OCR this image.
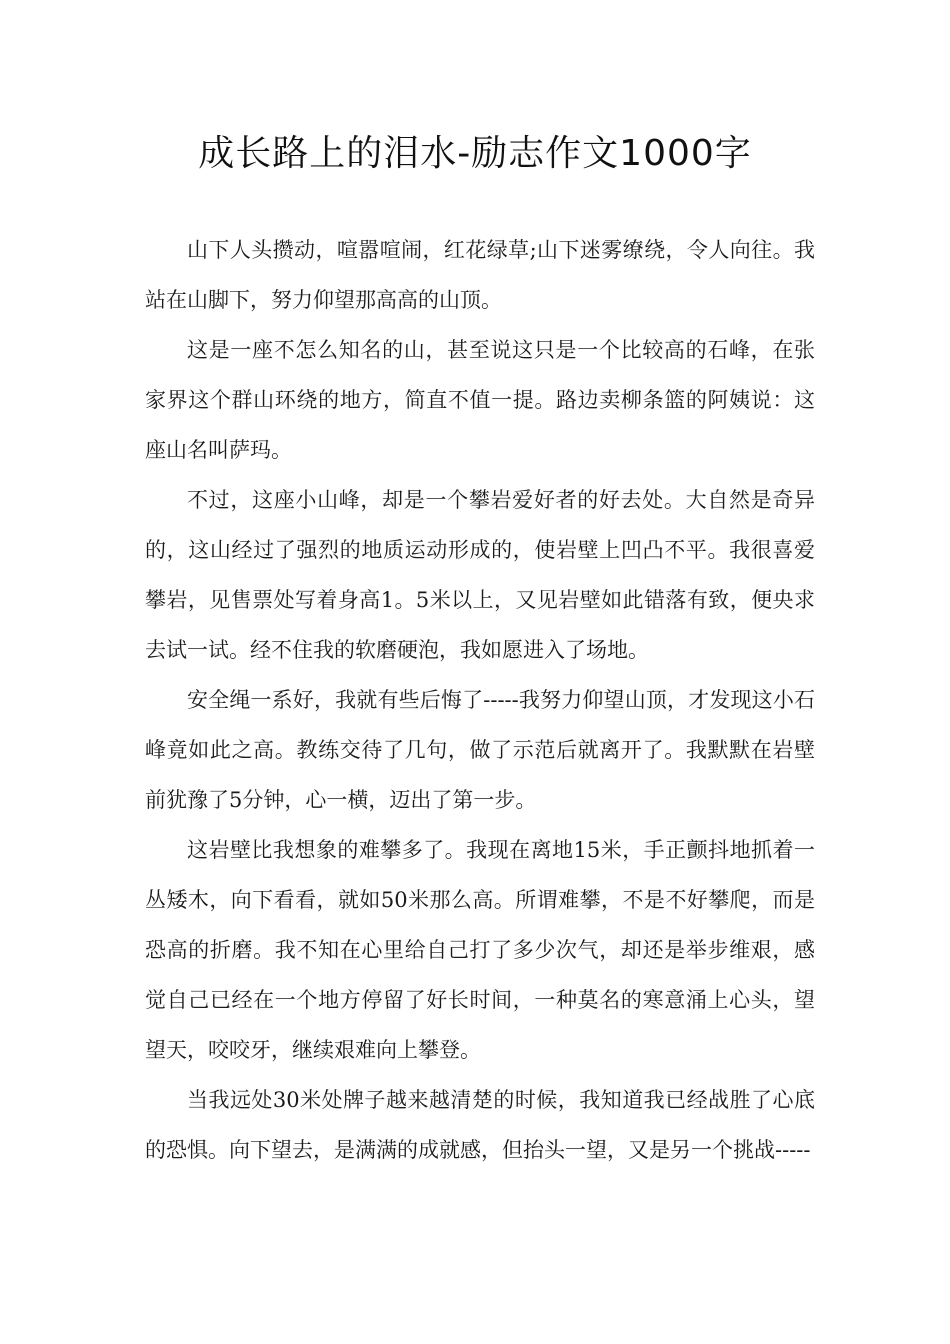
成长路上的泪水-励志作文1000字

山下人头攒动，喧嚣喧闹，红花绿草;山下迷雾缭绕，令人向往。我站在山脚下，努力仰望那高高的山顶。

这是一座不怎么知名的山，甚至说这只是一个比较高的石峰，在张家界这个群山环绕的地方，简直不值一提。路边卖柳条篮的阿姨说：这座山名叫萨玛。

不过，这座小山峰，却是一个攀岩爱好者的好去处。大自然是奇异的，这山经过了强烈的地质运动形成的，使岩壁上凹凸不平。我很喜爱攀岩，见售票处写着身高1。5米以上，又见岩壁如此错落有致，便央求去试一试。经不住我的软磨硬泡，我如愿进入了场地。

安全绳一系好，我就有些后悔了-----我努力仰望山顶，才发现这小石峰竟如此之高。教练交待了几句，做了示范后就离开了。我默默在岩壁前犹豫了5分钟，心一横，迈出了第一步。

这岩壁比我想象的难攀多了。我现在离地15米，手正颤抖地抓着一丛矮木，向下看看，就如50米那么高。所谓难攀，不是不好攀爬，而是恐高的折磨。我不知在心里给自己打了多少次气，却还是举步维艰，感觉自己已经在一个地方停留了好长时间，一种莫名的寒意涌上心头，望望天，咬咬牙，继续艰难向上攀登。

当我远处30米处牌子越来越清楚的时候，我知道我已经战胜了心底的恐惧。向下望去，是满满的成就感，但抬头一望，又是另一个挑战-----
